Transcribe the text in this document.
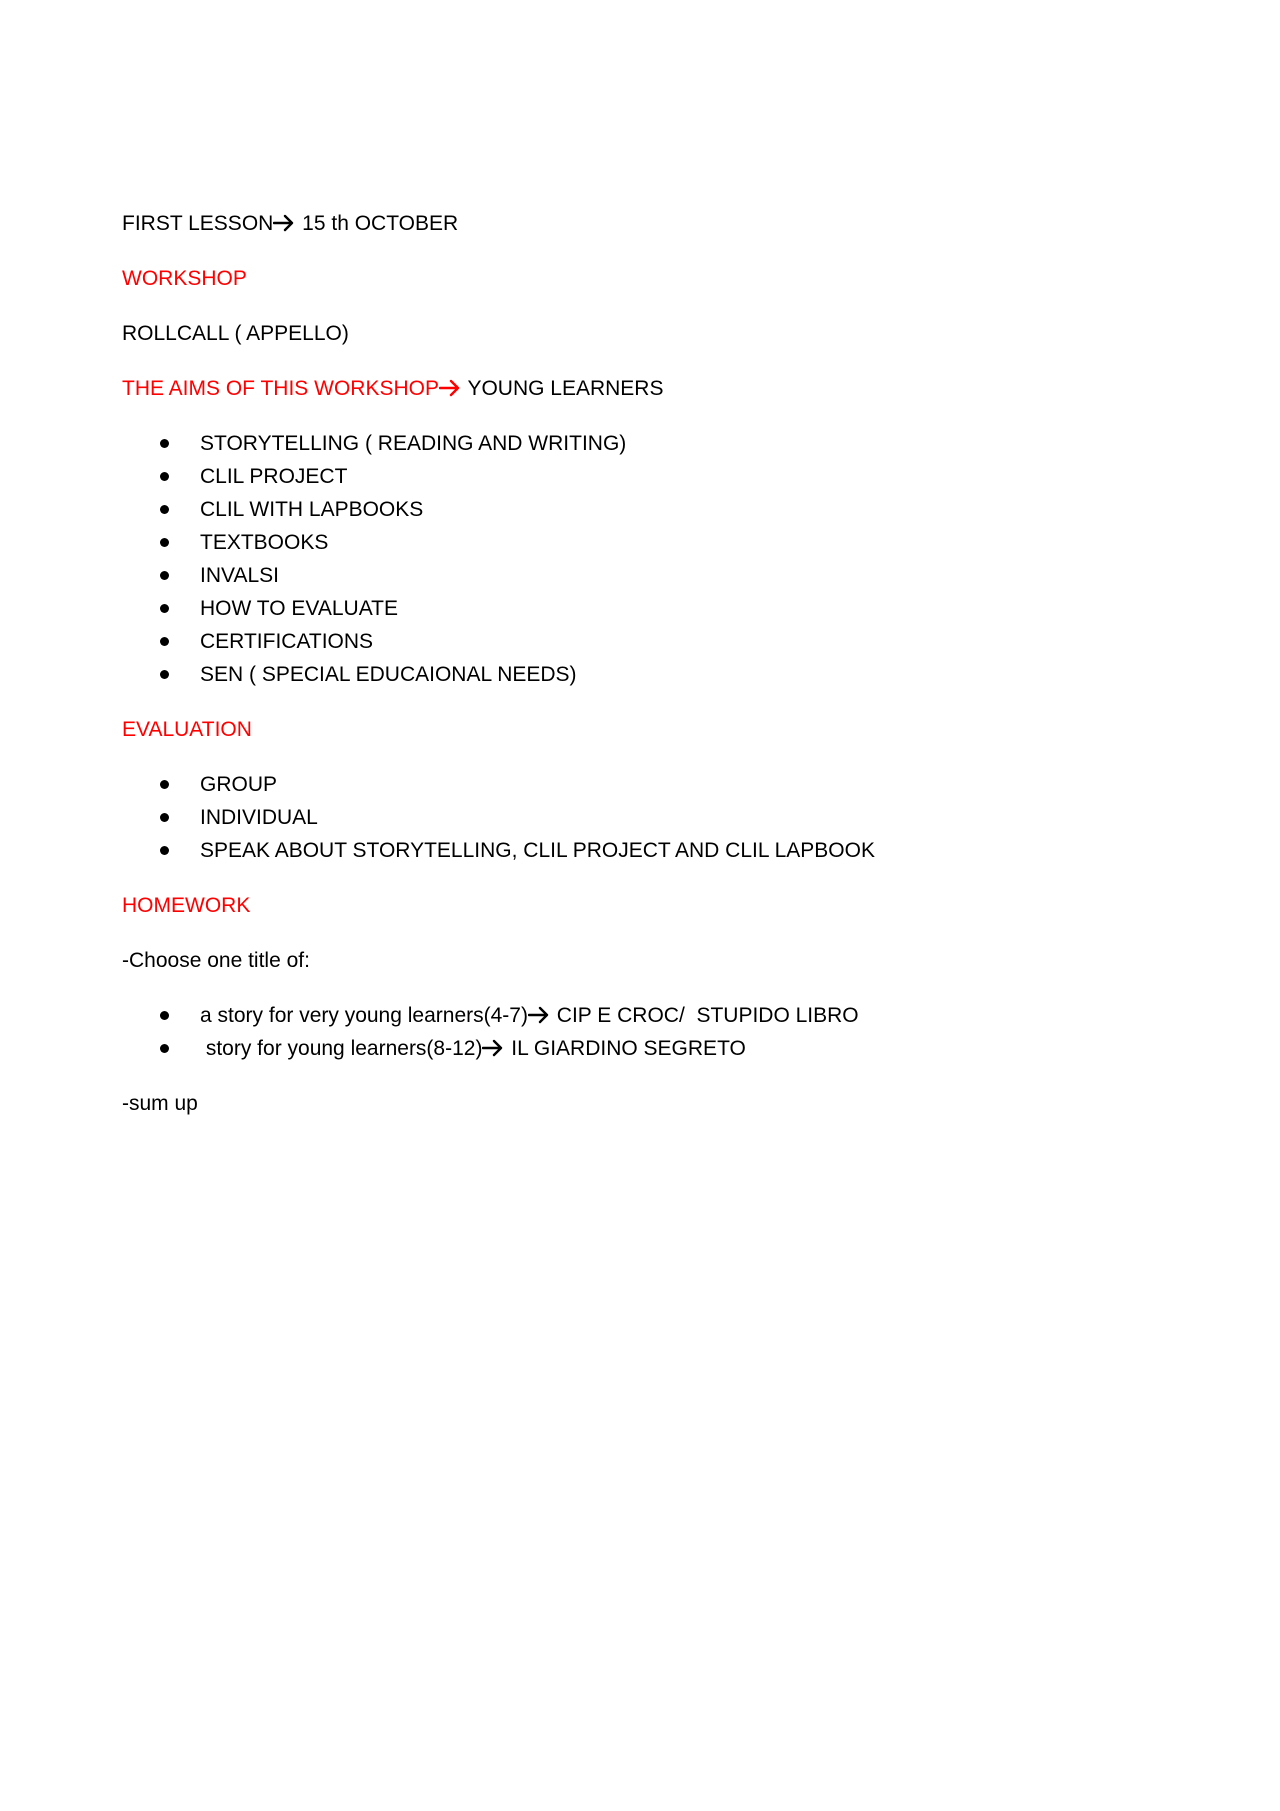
FIRST LESSON
15 th OCTOBER

WORKSHOP

ROLLCALL ( APPELLO)

THE AIMS OF THIS WORKSHOP
YOUNG LEARNERS

STORYTELLING ( READING AND WRITING)
CLIL PROJECT
CLIL WITH LAPBOOKS
TEXTBOOKS
INVALSI
HOW TO EVALUATE
CERTIFICATIONS
SEN ( SPECIAL EDUCAIONAL NEEDS)

EVALUATION

GROUP
INDIVIDUAL
SPEAK ABOUT STORYTELLING, CLIL PROJECT AND CLIL LAPBOOK

HOMEWORK

-Choose one title of:

a story for very young learners(4-7)
CIP E CROC/  STUPIDO LIBRO
story for young learners(8-12)
IL GIARDINO SEGRETO

-sum up
